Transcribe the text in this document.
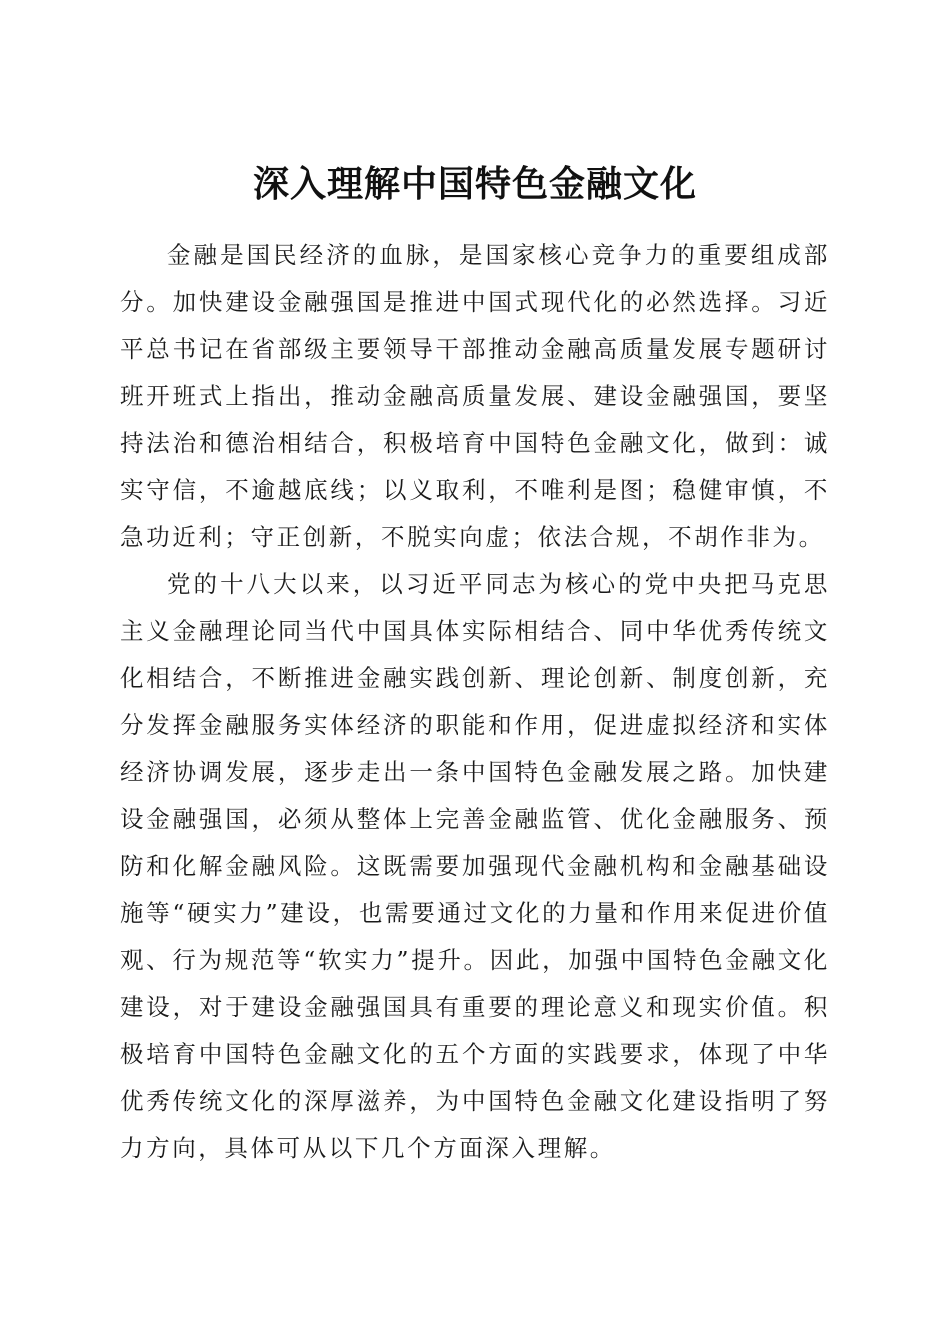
深入理解中国特色金融文化

金融是国民经济的血脉，是国家核心竞争力的重要组成部分。加快建设金融强国是推进中国式现代化的必然选择。习近平总书记在省部级主要领导干部推动金融高质量发展专题研讨班开班式上指出，推动金融高质量发展、建设金融强国，要坚持法治和德治相结合，积极培育中国特色金融文化，做到：诚实守信，不逾越底线；以义取利，不唯利是图；稳健审慎，不急功近利；守正创新，不脱实向虚；依法合规，不胡作非为。

党的十八大以来，以习近平同志为核心的党中央把马克思主义金融理论同当代中国具体实际相结合、同中华优秀传统文化相结合，不断推进金融实践创新、理论创新、制度创新，充分发挥金融服务实体经济的职能和作用，促进虚拟经济和实体经济协调发展，逐步走出一条中国特色金融发展之路。加快建设金融强国，必须从整体上完善金融监管、优化金融服务、预防和化解金融风险。这既需要加强现代金融机构和金融基础设施等“硬实力”建设，也需要通过文化的力量和作用来促进价值观、行为规范等“软实力”提升。因此，加强中国特色金融文化建设，对于建设金融强国具有重要的理论意义和现实价值。积极培育中国特色金融文化的五个方面的实践要求，体现了中华优秀传统文化的深厚滋养，为中国特色金融文化建设指明了努力方向，具体可从以下几个方面深入理解。
